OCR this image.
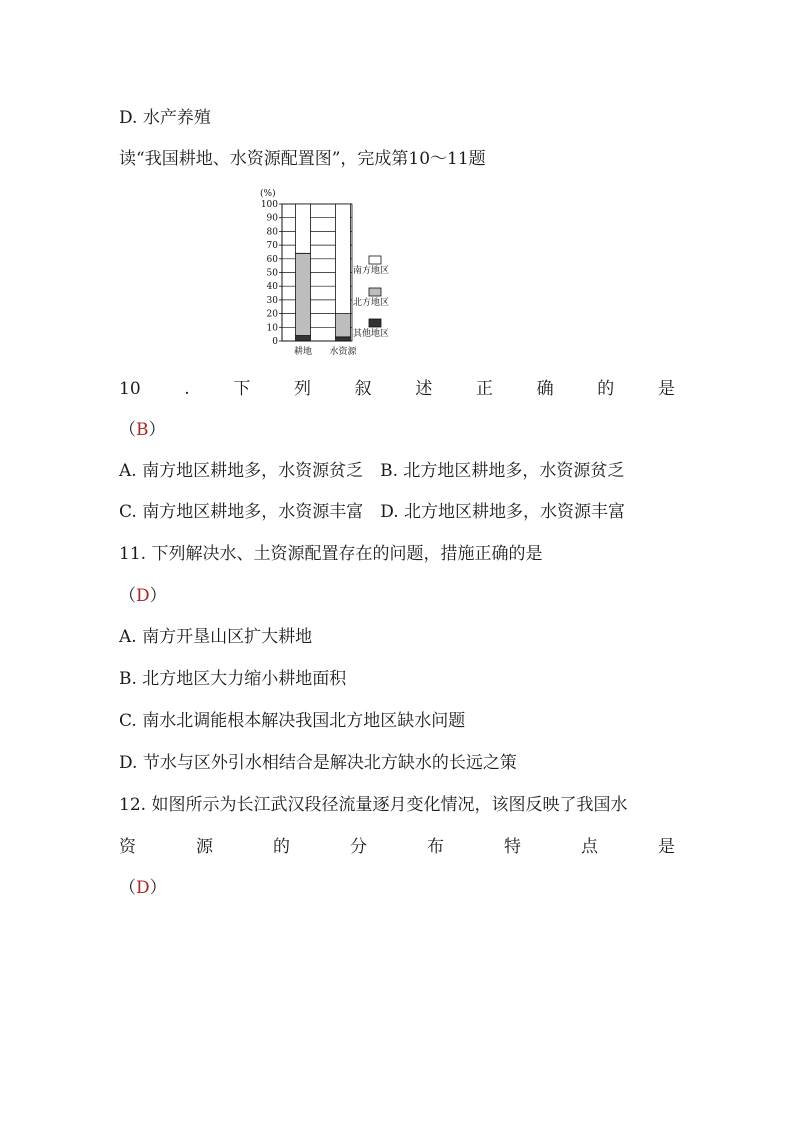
D. 水产养殖
读“我国耕地、水资源配置图”，完成第10～11题
(%)
0
10
20
30
40
50
60
70
80
90
100
耕地 水资源
南方地区
北方地区
其他地区
10	.	下	列	叙	述	正	确	的	是
（B）
A. 南方地区耕地多，水资源贫乏　B. 北方地区耕地多，水资源贫乏
C. 南方地区耕地多，水资源丰富　D. 北方地区耕地多，水资源丰富
11. 下列解决水、土资源配置存在的问题，措施正确的是
（D）
A. 南方开垦山区扩大耕地
B. 北方地区大力缩小耕地面积
C. 南水北调能根本解决我国北方地区缺水问题
D. 节水与区外引水相结合是解决北方缺水的长远之策
12. 如图所示为长江武汉段径流量逐月变化情况，该图反映了我国水
资	源	的	分	布	特	点	是
（D）
